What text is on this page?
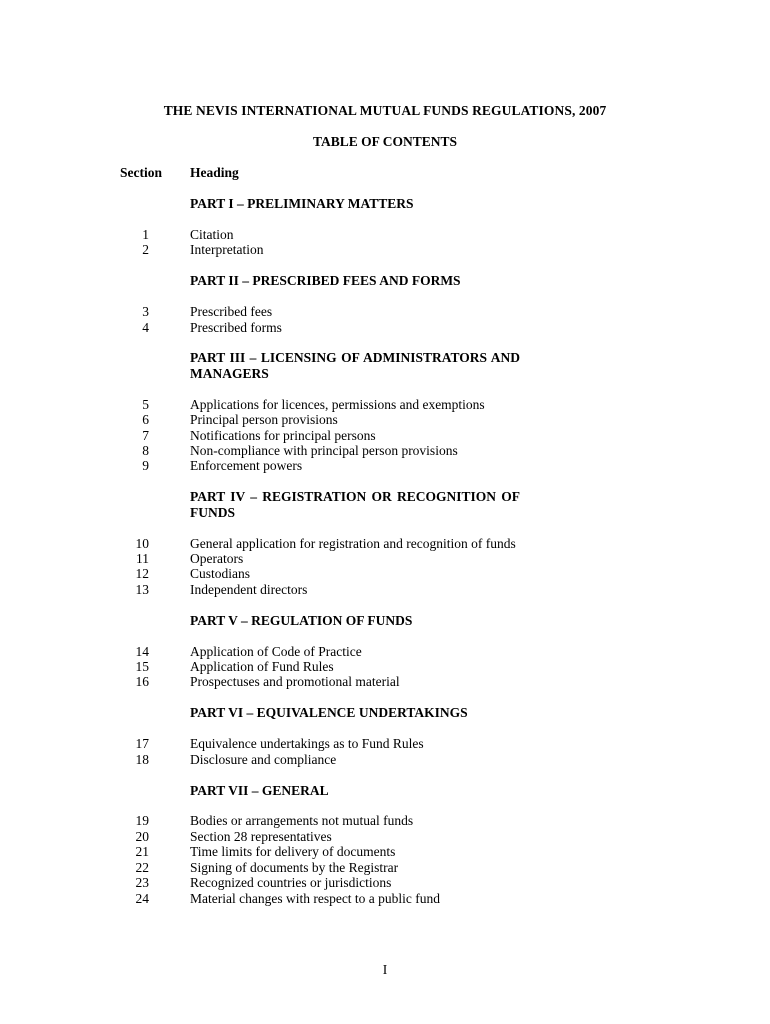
THE NEVIS INTERNATIONAL MUTUAL FUNDS REGULATIONS, 2007
TABLE OF CONTENTS
Section Heading
PART I – PRELIMINARY MATTERS
1	Citation
2	Interpretation
PART II – PRESCRIBED FEES AND FORMS
3	Prescribed fees
4	Prescribed forms
PART III – LICENSING OF ADMINISTRATORS AND MANAGERS
5	Applications for licences, permissions and exemptions
6	Principal person provisions
7	Notifications for principal persons
8	Non-compliance with principal person provisions
9	Enforcement powers
PART IV – REGISTRATION OR RECOGNITION OF FUNDS
10	General application for registration and recognition of funds
11	Operators
12	Custodians
13	Independent directors
PART V – REGULATION OF FUNDS
14	Application of Code of Practice
15	Application of Fund Rules
16	Prospectuses and promotional material
PART VI – EQUIVALENCE UNDERTAKINGS
17	Equivalence undertakings as to Fund Rules
18	Disclosure and compliance
PART VII – GENERAL
19	Bodies or arrangements not mutual funds
20	Section 28 representatives
21	Time limits for delivery of documents
22	Signing of documents by the Registrar
23	Recognized countries or jurisdictions
24	Material changes with respect to a public fund
I
